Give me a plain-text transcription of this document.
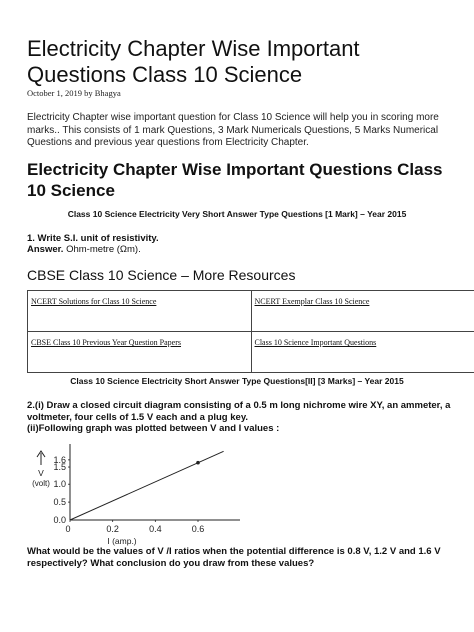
Electricity Chapter Wise Important Questions Class 10 Science
October 1, 2019 by Bhagya
Electricity Chapter wise important question for Class 10 Science will help you in scoring more marks.. This consists of 1 mark Questions, 3 Mark Numericals Questions, 5 Marks Numerical Questions and previous year questions from Electricity Chapter.
Electricity Chapter Wise Important Questions Class 10 Science
Class 10 Science Electricity Very Short Answer Type Questions [1 Mark] – Year 2015
1. Write S.I. unit of resistivity.
Answer. Ohm-metre (Ωm).
CBSE Class 10 Science – More Resources
NCERT Solutions for Class 10 Science	NCERT Exemplar Class 10 Science
CBSE Class 10 Previous Year Question Papers	Class 10 Science Important Questions
Class 10 Science Electricity Short Answer Type Questions[II] [3 Marks] – Year 2015

2.(i) Draw a closed circuit diagram consisting of a 0.5 m long nichrome wire XY, an ammeter, a voltmeter, four cells of 1.5 V each and a plug key.

(ii)Following graph was plotted between V and I values :

0	0.2	0.4	0.6
1.0
1.5
1.6
0.5
0.0
I (amp.)
V
(volt)
What would be the values of V /I ratios when the potential difference is 0.8 V, 1.2 V and 1.6 V respectively? What conclusion do you draw from these values?
